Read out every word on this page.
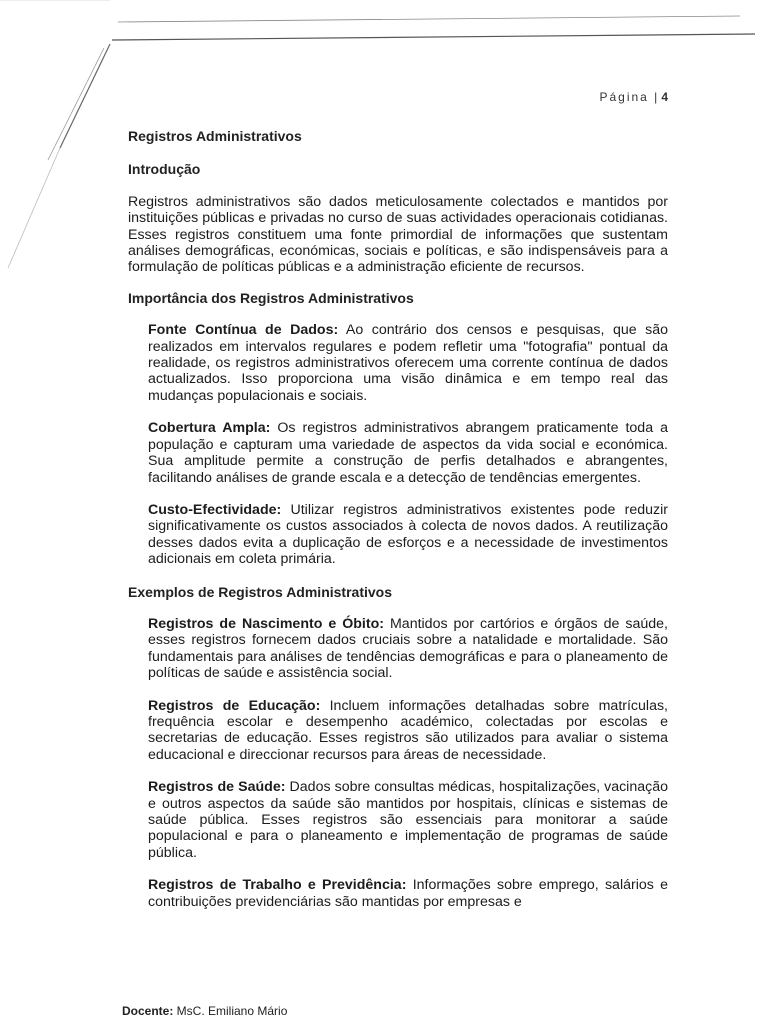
Página | 4
Registros Administrativos
Introdução

Registros administrativos são dados meticulosamente colectados e mantidos por instituições públicas e privadas no curso de suas actividades operacionais cotidianas. Esses registros constituem uma fonte primordial de informações que sustentam análises demográficas, económicas, sociais e políticas, e são indispensáveis para a formulação de políticas públicas e a administração eficiente de recursos.

Importância dos Registros Administrativos
Fonte Contínua de Dados: Ao contrário dos censos e pesquisas, que são realizados em intervalos regulares e podem refletir uma "fotografia" pontual da realidade, os registros administrativos oferecem uma corrente contínua de dados actualizados. Isso proporciona uma visão dinâmica e em tempo real das mudanças populacionais e sociais.
Cobertura Ampla: Os registros administrativos abrangem praticamente toda a população e capturam uma variedade de aspectos da vida social e económica. Sua amplitude permite a construção de perfis detalhados e abrangentes, facilitando análises de grande escala e a detecção de tendências emergentes.
Custo-Efectividade: Utilizar registros administrativos existentes pode reduzir significativamente os custos associados à colecta de novos dados. A reutilização desses dados evita a duplicação de esforços e a necessidade de investimentos adicionais em coleta primária.
Exemplos de Registros Administrativos
Registros de Nascimento e Óbito: Mantidos por cartórios e órgãos de saúde, esses registros fornecem dados cruciais sobre a natalidade e mortalidade. São fundamentais para análises de tendências demográficas e para o planeamento de políticas de saúde e assistência social.
Registros de Educação: Incluem informações detalhadas sobre matrículas, frequência escolar e desempenho académico, colectadas por escolas e secretarias de educação. Esses registros são utilizados para avaliar o sistema educacional e direccionar recursos para áreas de necessidade.
Registros de Saúde: Dados sobre consultas médicas, hospitalizações, vacinação e outros aspectos da saúde são mantidos por hospitais, clínicas e sistemas de saúde pública. Esses registros são essenciais para monitorar a saúde populacional e para o planeamento e implementação de programas de saúde pública.
Registros de Trabalho e Previdência: Informações sobre emprego, salários e contribuições previdenciárias são mantidas por empresas e
Docente: MsC. Emiliano Mário
